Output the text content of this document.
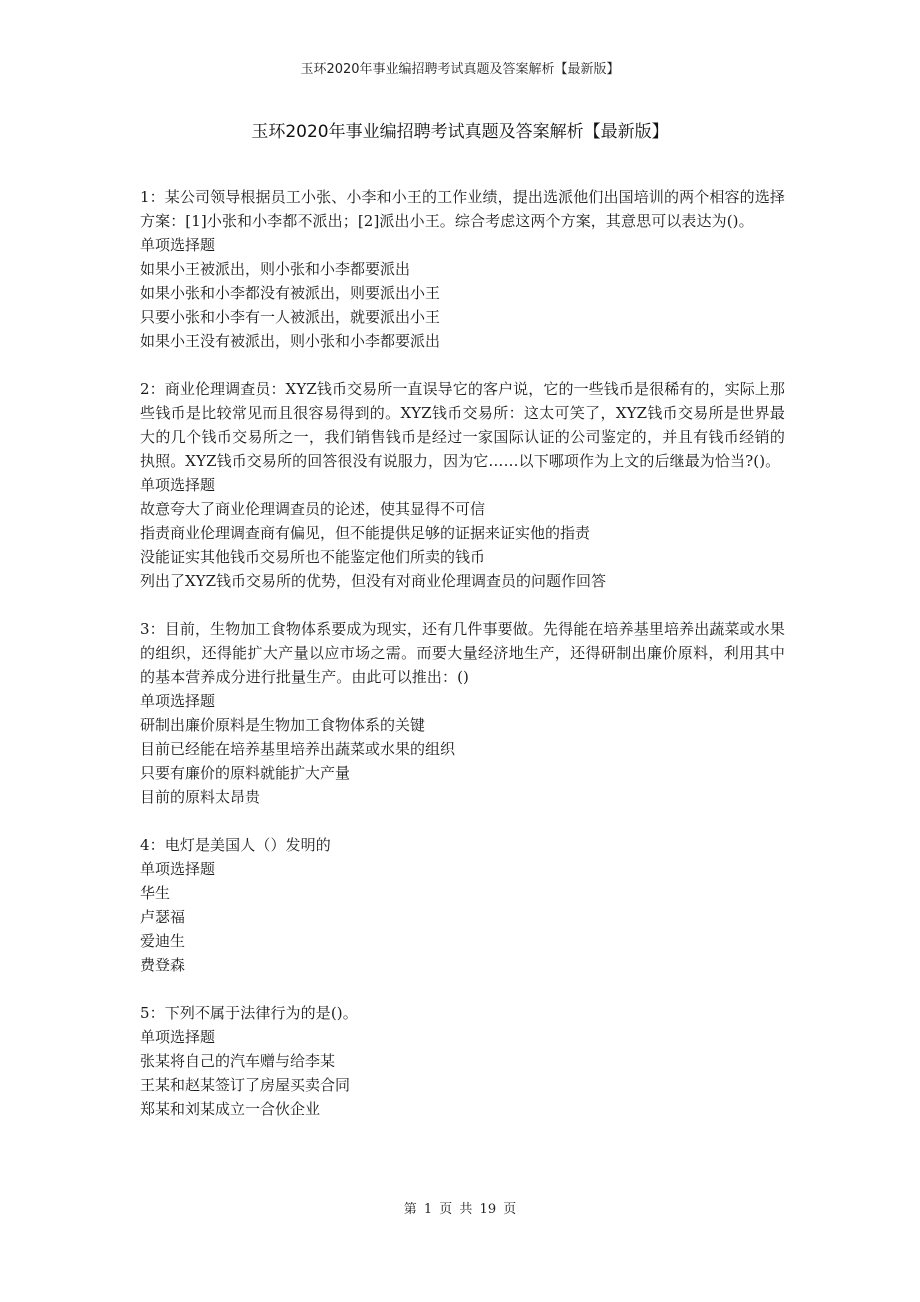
玉环2020年事业编招聘考试真题及答案解析【最新版】
玉环2020年事业编招聘考试真题及答案解析【最新版】
1：某公司领导根据员工小张、小李和小王的工作业绩，提出选派他们出国培训的两个相容的选择方案：[1]小张和小李都不派出；[2]派出小王。综合考虑这两个方案，其意思可以表达为()。
单项选择题
如果小王被派出，则小张和小李都要派出
如果小张和小李都没有被派出，则要派出小王
只要小张和小李有一人被派出，就要派出小王
如果小王没有被派出，则小张和小李都要派出
2：商业伦理调查员：XYZ钱币交易所一直误导它的客户说，它的一些钱币是很稀有的，实际上那些钱币是比较常见而且很容易得到的。XYZ钱币交易所：这太可笑了，XYZ钱币交易所是世界最大的几个钱币交易所之一，我们销售钱币是经过一家国际认证的公司鉴定的，并且有钱币经销的执照。XYZ钱币交易所的回答很没有说服力，因为它……以下哪项作为上文的后继最为恰当?()。
单项选择题
故意夸大了商业伦理调查员的论述，使其显得不可信
指责商业伦理调查商有偏见，但不能提供足够的证据来证实他的指责
没能证实其他钱币交易所也不能鉴定他们所卖的钱币
列出了XYZ钱币交易所的优势，但没有对商业伦理调查员的问题作回答
3：目前，生物加工食物体系要成为现实，还有几件事要做。先得能在培养基里培养出蔬菜或水果的组织，还得能扩大产量以应市场之需。而要大量经济地生产，还得研制出廉价原料，利用其中的基本营养成分进行批量生产。由此可以推出：()
单项选择题
研制出廉价原料是生物加工食物体系的关键
目前已经能在培养基里培养出蔬菜或水果的组织
只要有廉价的原料就能扩大产量
目前的原料太昂贵
4：电灯是美国人（）发明的
单项选择题
华生
卢瑟福
爱迪生
费登森
5：下列不属于法律行为的是()。
单项选择题
张某将自己的汽车赠与给李某
王某和赵某签订了房屋买卖合同
郑某和刘某成立一合伙企业
第 1 页 共 19 页
